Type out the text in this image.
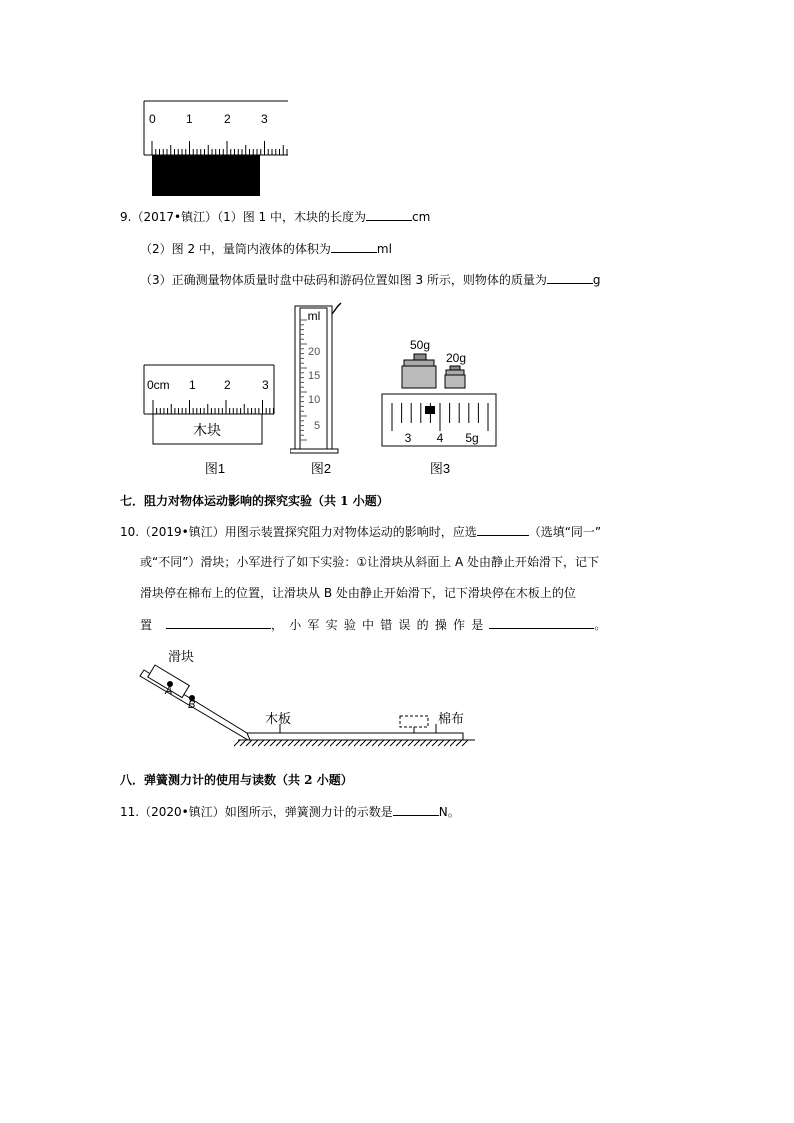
0	1	2	3
9.（2017•镇江）（1）图 1 中，木块的长度为	cm
（2）图 2 中，量筒内液体的体积为	ml
（3）正确测量物体质量时盘中砝码和游码位置如图 3 所示，则物体的质量为	g
0cm 1 2	3
木块
图1
ml
20
15
10
5
图2
50g
20g
3 4 5g
图3
七．阻力对物体运动影响的探究实验（共 1 小题）
10.（2019•镇江）用图示装置探究阻力对物体运动的影响时，应选	（选填“同一”
或“不同”）滑块；小军进行了如下实验：①让滑块从斜面上 A 处由静止开始滑下，记下
滑块停在棉布上的位置，让滑块从 B 处由静止开始滑下，记下滑块停在木板上的位
置	，小军实验中错误的操作是	。
滑块
A
B
木板	棉布
八．弹簧测力计的使用与读数（共 2 小题）
11.（2020•镇江）如图所示，弹簧测力计的示数是	N。
